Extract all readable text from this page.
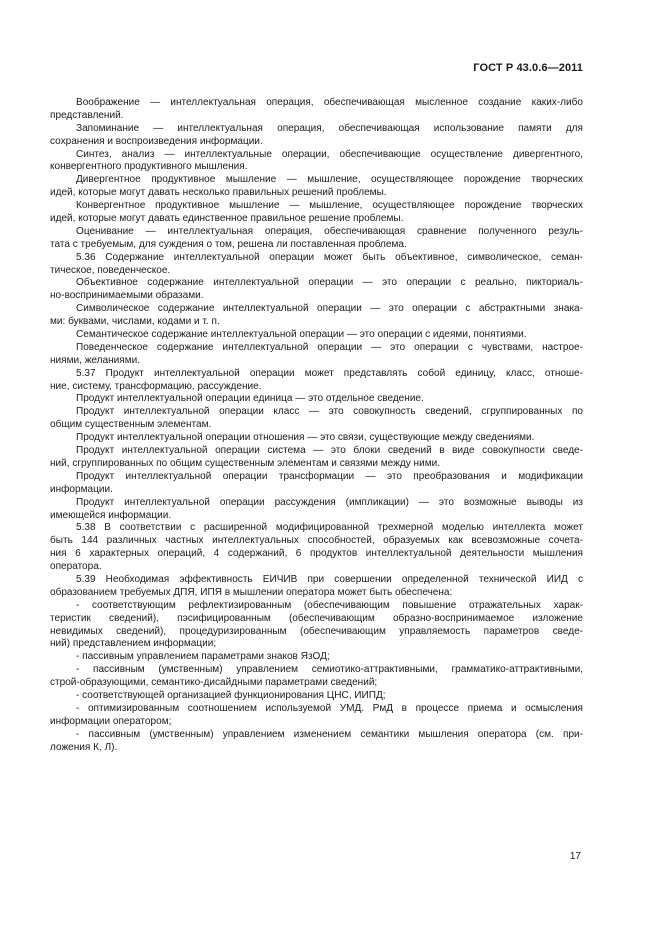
ГОСТ Р 43.0.6—2011
Воображение — интеллектуальная операция, обеспечивающая мысленное создание каких-либо
представлений.
Запоминание — интеллектуальная операция, обеспечивающая использование памяти для
сохранения и воспроизведения информации.
Синтез, анализ — интеллектуальные операции, обеспечивающие осуществление дивергентного,
конвергентного продуктивного мышления.
Дивергентное продуктивное мышление — мышление, осуществляющее порождение творческих
идей, которые могут давать несколько правильных решений проблемы.
Конвергентное продуктивное мышление — мышление, осуществляющее порождение творческих
идей, которые могут давать единственное правильное решение проблемы.
Оценивание — интеллектуальная операция, обеспечивающая сравнение полученного резуль-
тата с требуемым, для суждения о том, решена ли поставленная проблема.
5.36 Содержание интеллектуальной операции может быть объективное, символическое, семан-
тическое, поведенческое.
Объективное содержание интеллектуальной операции — это операции с реально, пикториаль-
но-воспринимаемыми образами.
Символическое содержание интеллектуальной операции — это операции с абстрактными знака-
ми: буквами, числами, кодами и т. п.
Семантическое содержание интеллектуальной операции — это операции с идеями, понятиями.
Поведенческое содержание интеллектуальной операции — это операции с чувствами, настрое-
ниями, желаниями.
5.37 Продукт интеллектуальной операции может представлять собой единицу, класс, отноше-
ние, систему, трансформацию, рассуждение.
Продукт интеллектуальной операции единица — это отдельное сведение.
Продукт интеллектуальной операции класс — это совокупность сведений, сгруппированных по
общим существенным элементам.
Продукт интеллектуальной операции отношения — это связи, существующие между сведениями.
Продукт интеллектуальной операции система — это блоки сведений в виде совокупности сведе-
ний, сгруппированных по общим существенным элементам и связями между ними.
Продукт интеллектуальной операции трансформации — это преобразования и модификации
информации.
Продукт интеллектуальной операции рассуждения (импликации) — это возможные выводы из
имеющейся информации.
5.38 В соответствии с расширенной модифицированной трехмерной моделью интеллекта может
быть 144 различных частных интеллектуальных способностей, образуемых как всевозможные сочета-
ния 6 характерных операций, 4 содержаний, 6 продуктов интеллектуальной деятельности мышления
оператора.
5.39 Необходимая эффективность ЕИЧИВ при совершении определенной технической ИИД с
образованием требуемых ДПЯ, ИПЯ в мышлении оператора может быть обеспечена:
- соответствующим рефлектизированным (обеспечивающим повышение отражательных харак-
теристик сведений), пэсифицированным (обеспечивающим образно-воспринимаемое изложение
невидимых сведений), процедуризированным (обеспечивающим управляемость параметров сведе-
ний) представлением информации;
- пассивным управлением параметрами знаков ЯзОД;
- пассивным (умственным) управлением семиотико-аттрактивными, грамматико-аттрактивными,
строй-образующими, семантико-дисайдными параметрами сведений;
- соответствующей организацией функционирования ЦНС, ИИПД;
- оптимизированным соотношением используемой УМД. РмД в процессе приема и осмысления
информации оператором;
- пассивным (умственным) управлением изменением семантики мышления оператора (см. при-
ложения К, Л).
17
